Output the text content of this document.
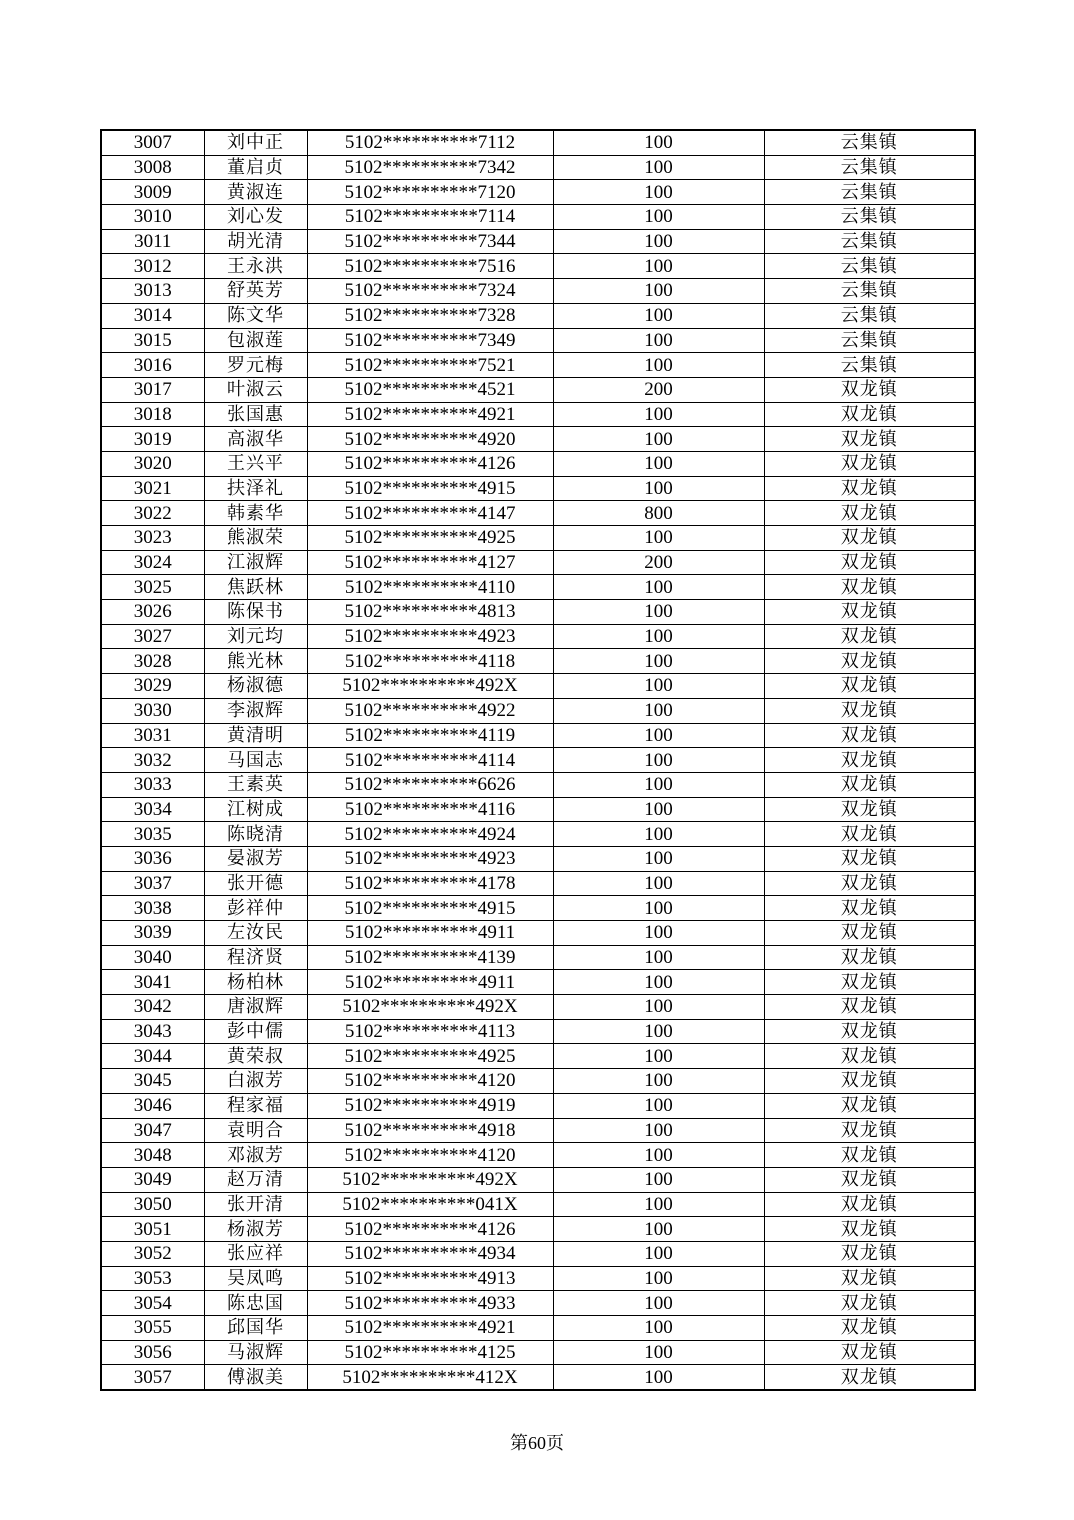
3007	刘中正	5102**********7112	100	云集镇
3008	董启贞	5102**********7342	100	云集镇
3009	黄淑连	5102**********7120	100	云集镇
3010	刘心发	5102**********7114	100	云集镇
3011	胡光清	5102**********7344	100	云集镇
3012	王永洪	5102**********7516	100	云集镇
3013	舒英芳	5102**********7324	100	云集镇
3014	陈文华	5102**********7328	100	云集镇
3015	包淑莲	5102**********7349	100	云集镇
3016	罗元梅	5102**********7521	100	云集镇
3017	叶淑云	5102**********4521	200	双龙镇
3018	张国惠	5102**********4921	100	双龙镇
3019	高淑华	5102**********4920	100	双龙镇
3020	王兴平	5102**********4126	100	双龙镇
3021	扶泽礼	5102**********4915	100	双龙镇
3022	韩素华	5102**********4147	800	双龙镇
3023	熊淑荣	5102**********4925	100	双龙镇
3024	江淑辉	5102**********4127	200	双龙镇
3025	焦跃林	5102**********4110	100	双龙镇
3026	陈保书	5102**********4813	100	双龙镇
3027	刘元均	5102**********4923	100	双龙镇
3028	熊光林	5102**********4118	100	双龙镇
3029	杨淑德	5102**********492X	100	双龙镇
3030	李淑辉	5102**********4922	100	双龙镇
3031	黄清明	5102**********4119	100	双龙镇
3032	马国志	5102**********4114	100	双龙镇
3033	王素英	5102**********6626	100	双龙镇
3034	江树成	5102**********4116	100	双龙镇
3035	陈晓清	5102**********4924	100	双龙镇
3036	晏淑芳	5102**********4923	100	双龙镇
3037	张开德	5102**********4178	100	双龙镇
3038	彭祥仲	5102**********4915	100	双龙镇
3039	左汝民	5102**********4911	100	双龙镇
3040	程济贤	5102**********4139	100	双龙镇
3041	杨柏林	5102**********4911	100	双龙镇
3042	唐淑辉	5102**********492X	100	双龙镇
3043	彭中儒	5102**********4113	100	双龙镇
3044	黄荣叔	5102**********4925	100	双龙镇
3045	白淑芳	5102**********4120	100	双龙镇
3046	程家福	5102**********4919	100	双龙镇
3047	袁明合	5102**********4918	100	双龙镇
3048	邓淑芳	5102**********4120	100	双龙镇
3049	赵万清	5102**********492X	100	双龙镇
3050	张开清	5102**********041X	100	双龙镇
3051	杨淑芳	5102**********4126	100	双龙镇
3052	张应祥	5102**********4934	100	双龙镇
3053	吴凤鸣	5102**********4913	100	双龙镇
3054	陈忠国	5102**********4933	100	双龙镇
3055	邱国华	5102**********4921	100	双龙镇
3056	马淑辉	5102**********4125	100	双龙镇
3057	傅淑美	5102**********412X	100	双龙镇
第60页
